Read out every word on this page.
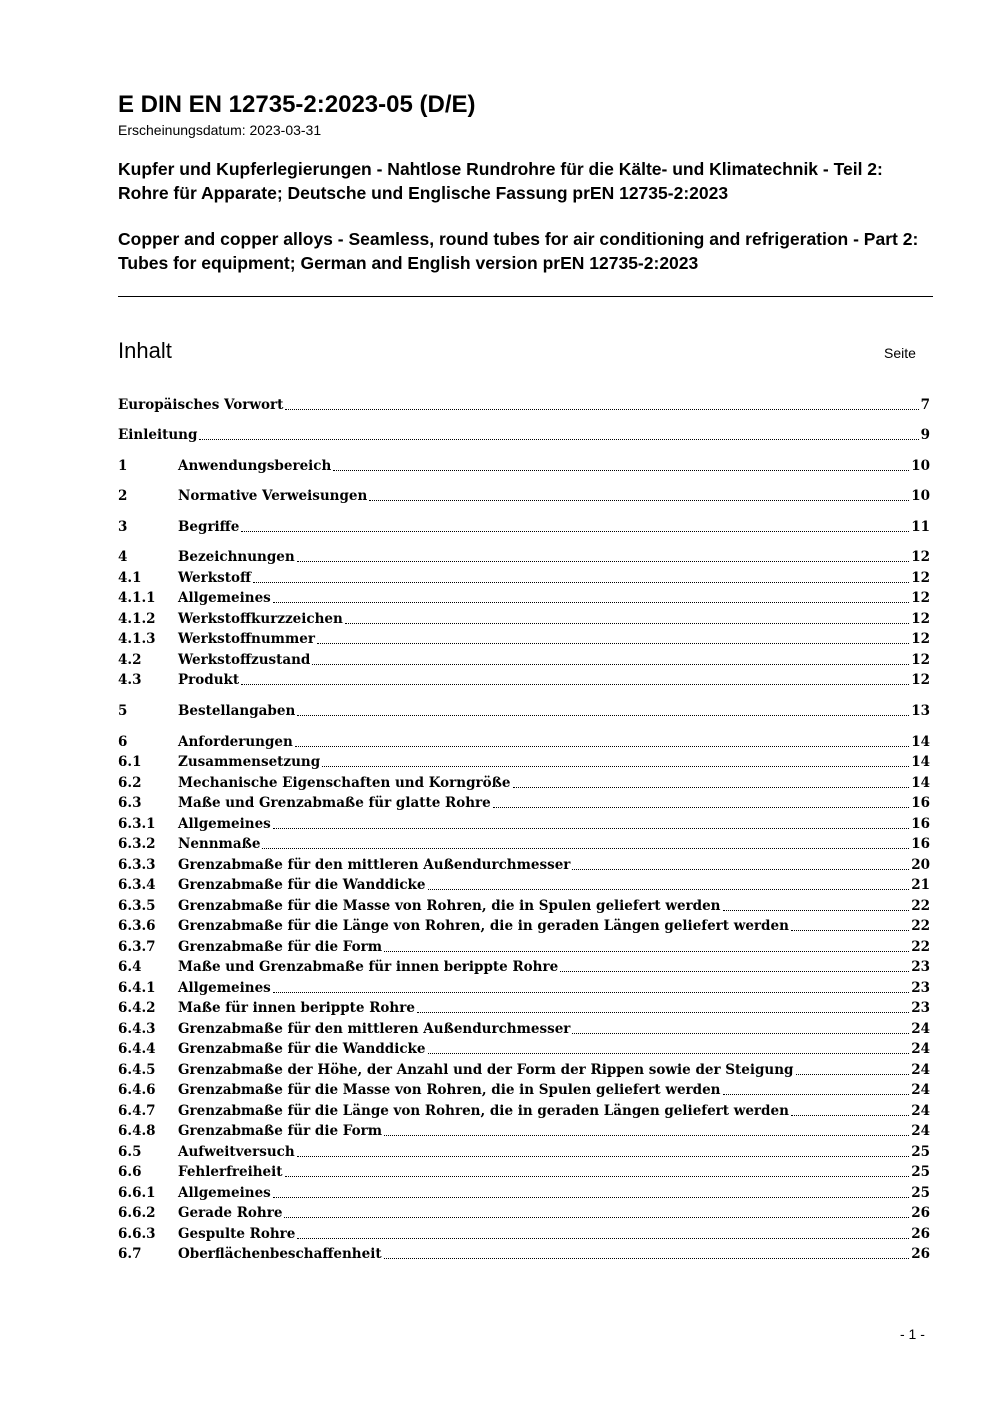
E DIN EN 12735-2:2023-05 (D/E)
Erscheinungsdatum: 2023-03-31
Kupfer und Kupferlegierungen - Nahtlose Rundrohre für die Kälte- und Klimatechnik - Teil 2: Rohre für Apparate; Deutsche und Englische Fassung prEN 12735-2:2023
Copper and copper alloys - Seamless, round tubes for air conditioning and refrigeration - Part 2: Tubes for equipment; German and English version prEN 12735-2:2023
Inhalt	Seite
Europäisches Vorwort	7
Einleitung	9
1	Anwendungsbereich	10
2	Normative Verweisungen	10
3	Begriffe	11
4	Bezeichnungen	12
4.1	Werkstoff	12
4.1.1	Allgemeines	12
4.1.2	Werkstoffkurzzeichen	12
4.1.3	Werkstoffnummer	12
4.2	Werkstoffzustand	12
4.3	Produkt	12
5	Bestellangaben	13
6	Anforderungen	14
6.1	Zusammensetzung	14
6.2	Mechanische Eigenschaften und Korngröße	14
6.3	Maße und Grenzabmaße für glatte Rohre	16
6.3.1	Allgemeines	16
6.3.2	Nennmaße	16
6.3.3	Grenzabmaße für den mittleren Außendurchmesser	20
6.3.4	Grenzabmaße für die Wanddicke	21
6.3.5	Grenzabmaße für die Masse von Rohren, die in Spulen geliefert werden	22
6.3.6	Grenzabmaße für die Länge von Rohren, die in geraden Längen geliefert werden	22
6.3.7	Grenzabmaße für die Form	22
6.4	Maße und Grenzabmaße für innen berippte Rohre	23
6.4.1	Allgemeines	23
6.4.2	Maße für innen berippte Rohre	23
6.4.3	Grenzabmaße für den mittleren Außendurchmesser	24
6.4.4	Grenzabmaße für die Wanddicke	24
6.4.5	Grenzabmaße der Höhe, der Anzahl und der Form der Rippen sowie der Steigung	24
6.4.6	Grenzabmaße für die Masse von Rohren, die in Spulen geliefert werden	24
6.4.7	Grenzabmaße für die Länge von Rohren, die in geraden Längen geliefert werden	24
6.4.8	Grenzabmaße für die Form	24
6.5	Aufweitversuch	25
6.6	Fehlerfreiheit	25
6.6.1	Allgemeines	25
6.6.2	Gerade Rohre	26
6.6.3	Gespulte Rohre	26
6.7	Oberflächenbeschaffenheit	26
- 1 -
